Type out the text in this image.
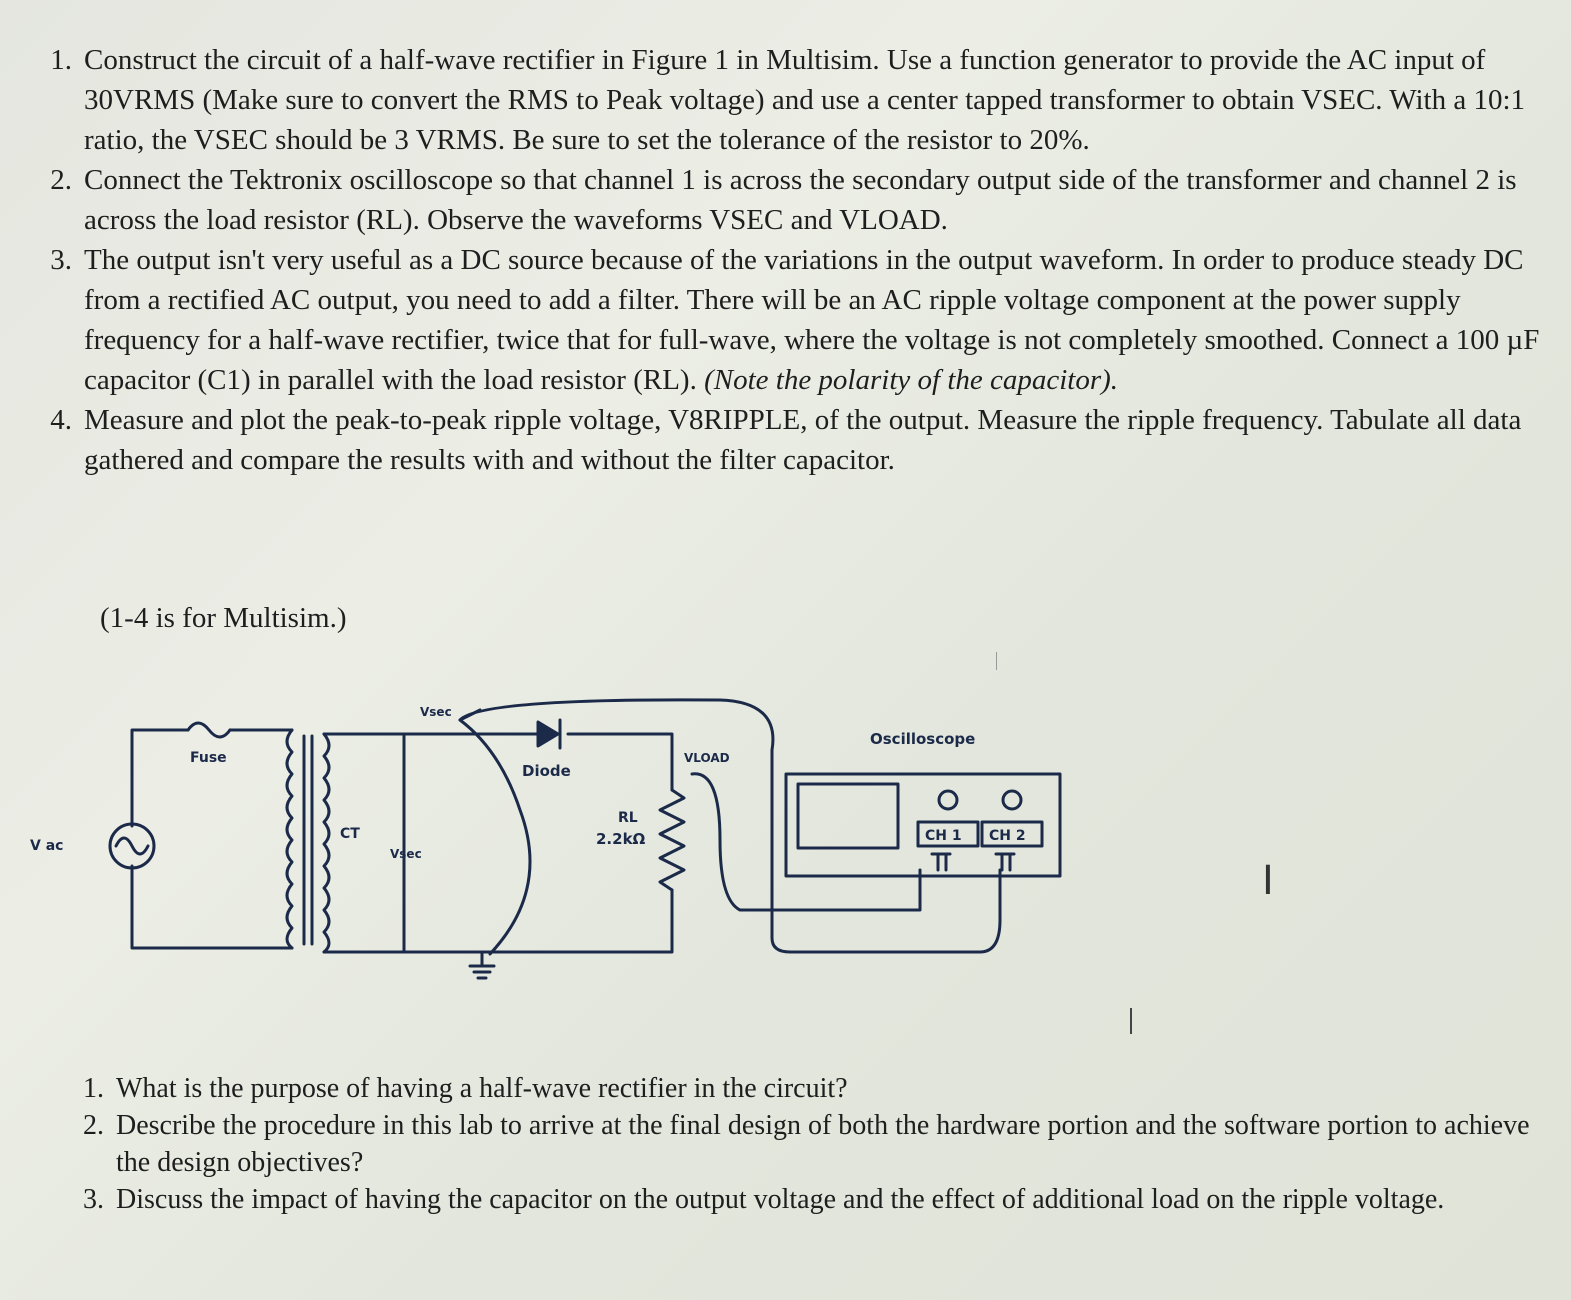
1. Construct the circuit of a half-wave rectifier in Figure 1 in Multisim. Use a function generator to provide the AC input of 30VRMS (Make sure to convert the RMS to Peak voltage) and use a center tapped transformer to obtain VSEC. With a 10:1 ratio, the VSEC should be 3 VRMS. Be sure to set the tolerance of the resistor to 20%.
2. Connect the Tektronix oscilloscope so that channel 1 is across the secondary output side of the transformer and channel 2 is across the load resistor (RL). Observe the waveforms VSEC and VLOAD.
3. The output isn't very useful as a DC source because of the variations in the output waveform. In order to produce steady DC from a rectified AC output, you need to add a filter. There will be an AC ripple voltage component at the power supply frequency for a half-wave rectifier, twice that for full-wave, where the voltage is not completely smoothed. Connect a 100 µF capacitor (C1) in parallel with the load resistor (RL). (Note the polarity of the capacitor).
4. Measure and plot the peak-to-peak ripple voltage, V8RIPPLE, of the output. Measure the ripple frequency. Tabulate all data gathered and compare the results with and without the filter capacitor.
(1-4 is for Multisim.)
V ac
Fuse
CT
Vsec
Vsec
Diode
RL
2.2kΩ
VLOAD
Oscilloscope
CH 1 CH 2
I
1. What is the purpose of having a half-wave rectifier in the circuit?
2. Describe the procedure in this lab to arrive at the final design of both the hardware portion and the software portion to achieve the design objectives?
3. Discuss the impact of having the capacitor on the output voltage and the effect of additional load on the ripple voltage.
